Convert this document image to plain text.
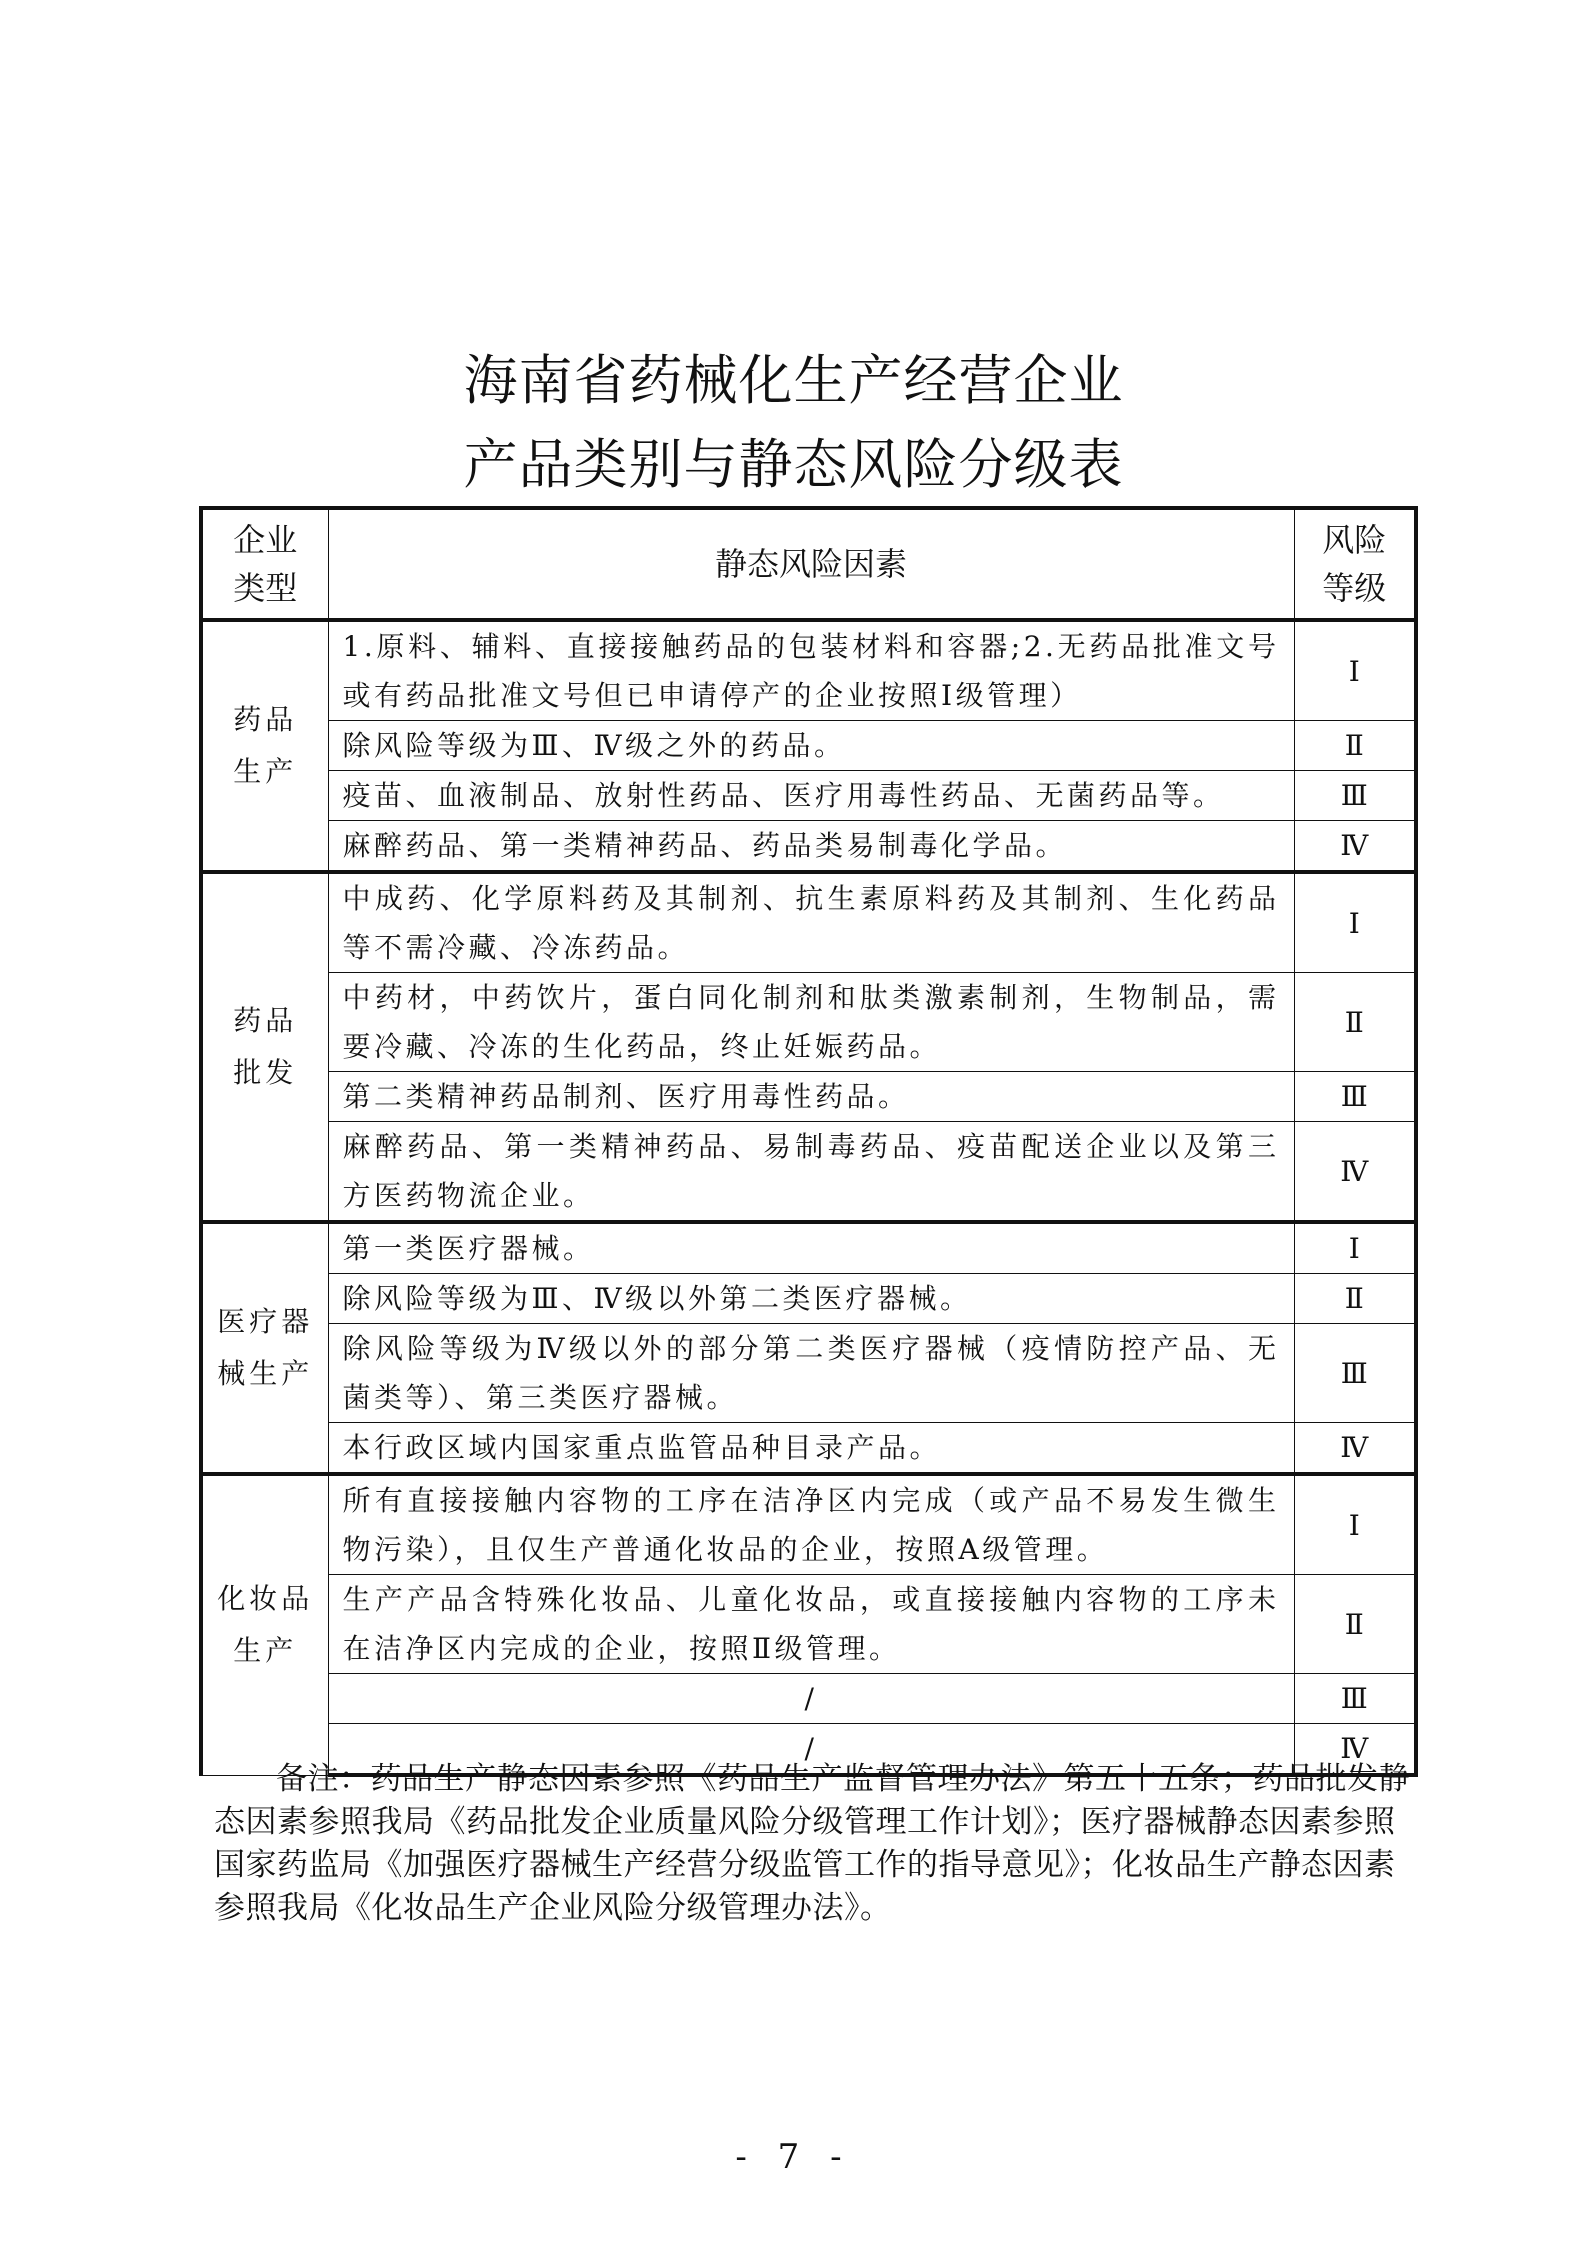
海南省药械化生产经营企业
产品类别与静态风险分级表
企业
类型	静态风险因素	风险
等级
药品
生产	1.原料、辅料、直接接触药品的包装材料和容器;2.无药品批准文号或有药品批准文号但已申请停产的企业按照Ⅰ级管理）	Ⅰ
	除风险等级为Ⅲ、Ⅳ级之外的药品。	Ⅱ
	疫苗、血液制品、放射性药品、医疗用毒性药品、无菌药品等。	Ⅲ
	麻醉药品、第一类精神药品、药品类易制毒化学品。	Ⅳ
药品
批发	中成药、化学原料药及其制剂、抗生素原料药及其制剂、生化药品等不需冷藏、冷冻药品。	Ⅰ
	中药材，中药饮片，蛋白同化制剂和肽类激素制剂，生物制品，需要冷藏、冷冻的生化药品，终止妊娠药品。	Ⅱ
	第二类精神药品制剂、医疗用毒性药品。	Ⅲ
	麻醉药品、第一类精神药品、易制毒药品、疫苗配送企业以及第三方医药物流企业。	Ⅳ
医疗器
械生产	第一类医疗器械。	Ⅰ
	除风险等级为Ⅲ、Ⅳ级以外第二类医疗器械。	Ⅱ
	除风险等级为Ⅳ级以外的部分第二类医疗器械（疫情防控产品、无菌类等）、第三类医疗器械。	Ⅲ
	本行政区域内国家重点监管品种目录产品。	Ⅳ
化妆品
生产	所有直接接触内容物的工序在洁净区内完成（或产品不易发生微生物污染），且仅生产普通化妆品的企业，按照A级管理。	Ⅰ
	生产产品含特殊化妆品、儿童化妆品，或直接接触内容物的工序未在洁净区内完成的企业，按照Ⅱ级管理。	Ⅱ
	/	Ⅲ
	/	Ⅳ
备注：药品生产静态因素参照《药品生产监督管理办法》第五十五条；药品批发静态因素参照我局《药品批发企业质量风险分级管理工作计划》；医疗器械静态因素参照国家药监局《加强医疗器械生产经营分级监管工作的指导意见》；化妆品生产静态因素参照我局《化妆品生产企业风险分级管理办法》。
- 7 -
